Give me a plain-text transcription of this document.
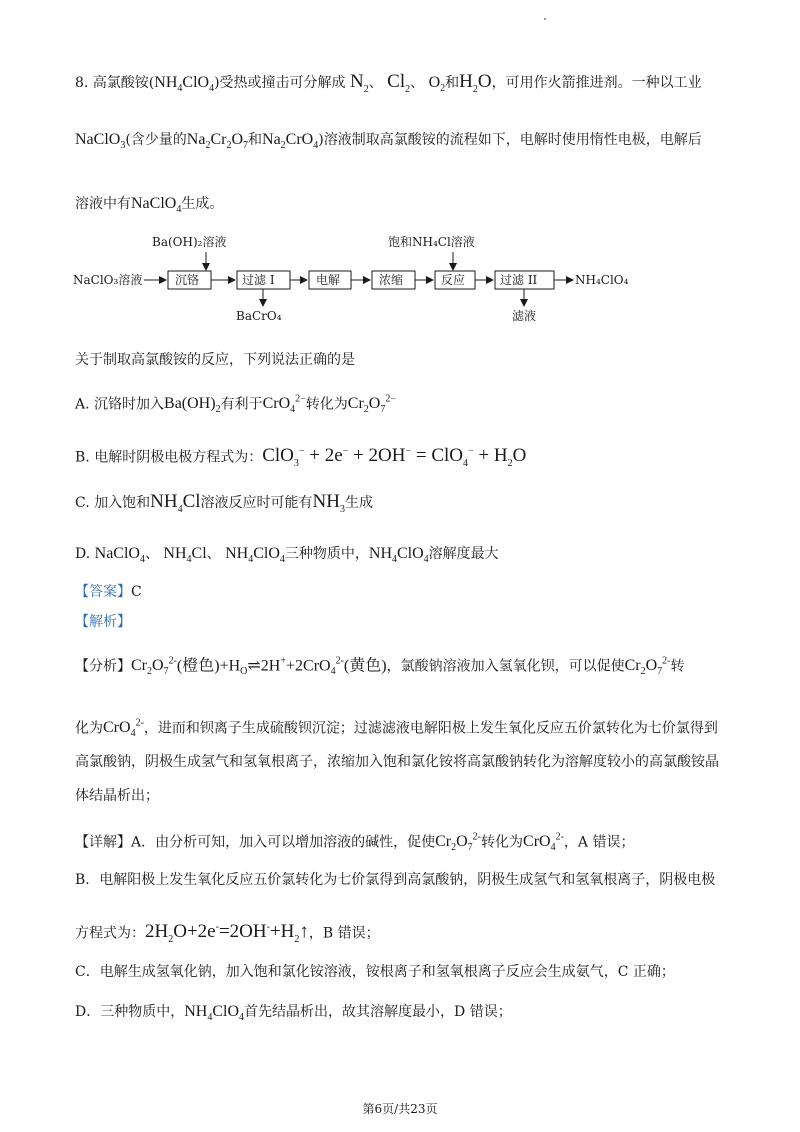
8. 高氯酸铵$(NH_4ClO_4)$受热或撞击可分解成 $N_2$、 $Cl_2$、 $O_2$和$H_2O$，可用作火箭推进剂。一种以工业
NaClO$_3$(含少量的$Na_2Cr_2O_7$和$Na_2CrO_4$)溶液制取高氯酸铵的流程如下，电解时使用惰性电极，电解后
溶液中有NaClO$_4$生成。
Ba(OH)₂溶液	饱和NH₄Cl溶液
NaClO₃溶液	沉铬	过滤 I	电解	浓缩	反应	过滤 II	NH₄ClO₄
BaCrO₄	滤液
关于制取高氯酸铵的反应，下列说法正确的是
A. 沉铬时加入$Ba(OH)_2$有利于CrO$_4^{2-}$转化为$Cr_2O_7^{2-}$
B. 电解时阴极电极方程式为：$ClO_3^- + 2e^- + 2OH^- = ClO_4^- + H_2O$
C. 加入饱和$NH_4Cl$溶液反应时可能有$NH_3$生成
D. NaClO$_4$、 $NH_4Cl$、 $NH_4ClO_4$三种物质中，$NH_4ClO_4$溶解度最大
【答案】C
【解析】
【分析】$Cr_2O_7^{2-}$(橙色)$+H_O\rightleftharpoons 2H^++2CrO_4^{2-}$(黄色)，氯酸钠溶液加入氢氧化钡，可以促使$Cr_2O_7^{2-}$转
化为CrO$_4^{2-}$，进而和钡离子生成硫酸钡沉淀；过滤滤液电解阳极上发生氧化反应五价氯转化为七价氯得到
高氯酸钠，阴极生成氢气和氢氧根离子，浓缩加入饱和氯化铵将高氯酸钠转化为溶解度较小的高氯酸铵晶
体结晶析出；
【详解】A．由分析可知，加入可以增加溶液的碱性，促使$Cr_2O_7^{2-}$转化为CrO$_4^{2-}$，A 错误；
B．电解阳极上发生氧化反应五价氯转化为七价氯得到高氯酸钠，阴极生成氢气和氢氧根离子，阴极电极
方程式为：$2H_2O+2e^-=2OH^-+H_2↑$，B 错误；
C．电解生成氢氧化钠，加入饱和氯化铵溶液，铵根离子和氢氧根离子反应会生成氨气，C 正确；
D．三种物质中，$NH_4ClO_4$首先结晶析出，故其溶解度最小，D 错误；
第6页/共23页
